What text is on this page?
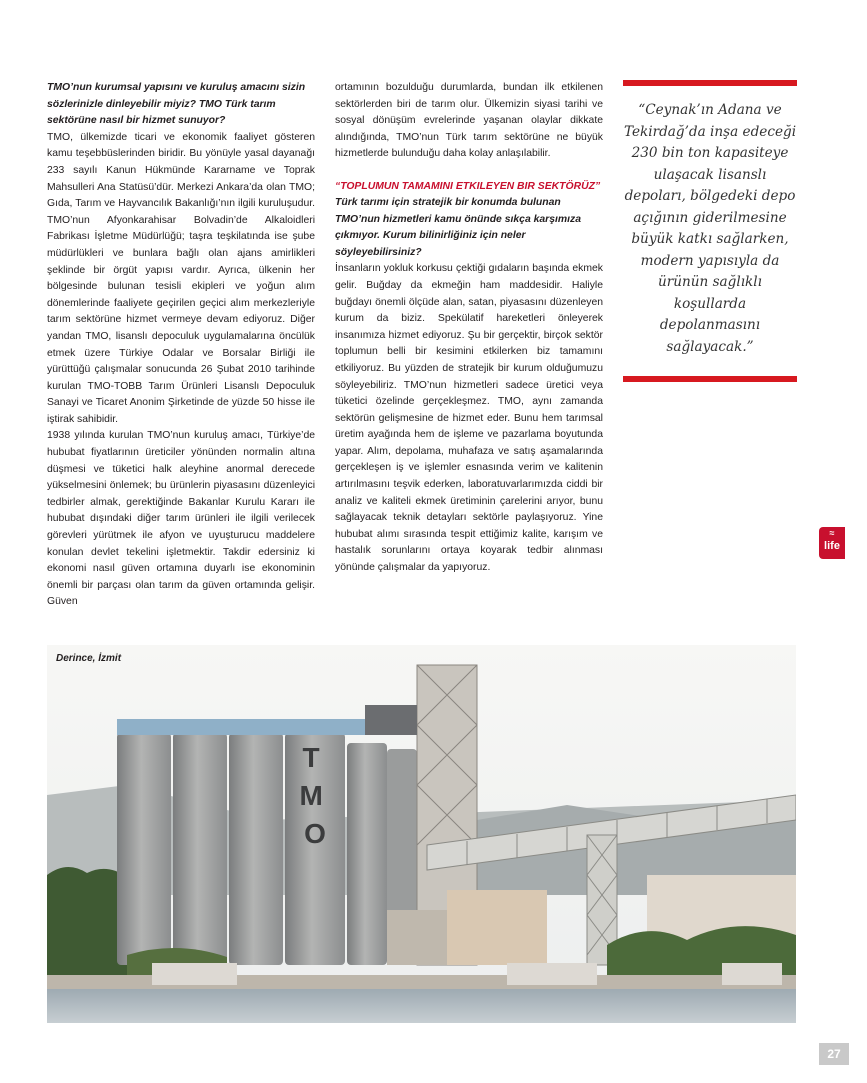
TMO’nun kurumsal yapısını ve kuruluş amacını sizin sözlerinizle dinleyebilir miyiz? TMO Türk tarım sektörüne nasıl bir hizmet sunuyor?

TMO, ülkemizde ticari ve ekonomik faaliyet gösteren kamu teşebbüslerinden biridir. Bu yönüyle yasal dayanağı 233 sayılı Kanun Hükmünde Kararname ve Toprak Mahsulleri Ana Statüsü’dür. Merkezi Ankara’da olan TMO; Gıda, Tarım ve Hayvancılık Bakanlığı’nın ilgili kuruluşudur. TMO’nun Afyonkarahisar Bolvadin’de Alkaloidleri Fabrikası İşletme Müdürlüğü; taşra teşkilatında ise şube müdürlükleri ve bunlara bağlı olan ajans amirlikleri şeklinde bir örgüt yapısı vardır. Ayrıca, ülkenin her bölgesinde bulunan tesisli ekipleri ve yoğun alım dönemlerinde faaliyete geçirilen geçici alım merkezleriyle tarım sektörüne hizmet vermeye devam ediyoruz. Diğer yandan TMO, lisanslı depoculuk uygulamalarına öncülük etmek üzere Türkiye Odalar ve Borsalar Birliği ile yürüttüğü çalışmalar sonucunda 26 Şubat 2010 tarihinde kurulan TMO-TOBB Tarım Ürünleri Lisanslı Depoculuk Sanayi ve Ticaret Anonim Şirketinde de yüzde 50 hisse ile iştirak sahibidir.

1938 yılında kurulan TMO’nun kuruluş amacı, Türkiye’de hububat fiyatlarının üreticiler yönünden normalin altına düşmesi ve tüketici halk aleyhine anormal derecede yükselmesini önlemek; bu ürünlerin piyasasını düzenleyici tedbirler almak, gerektiğinde Bakanlar Kurulu Kararı ile hububat dışındaki diğer tarım ürünleri ile ilgili verilecek görevleri yürütmek ile afyon ve uyuşturucu maddelere konulan devlet tekelini işletmektir. Takdir edersiniz ki ekonomi nasıl güven ortamına duyarlı ise ekonominin önemli bir parçası olan tarım da güven ortamında gelişir. Güven

ortamının bozulduğu durumlarda, bundan ilk etkilenen sektörlerden biri de tarım olur. Ülkemizin siyasi tarihi ve sosyal dönüşüm evrelerinde yaşanan olaylar dikkate alındığında, TMO’nun Türk tarım sektörüne ne büyük hizmetlerde bulunduğu daha kolay anlaşılabilir.

“TOPLUMUN TAMAMINI ETKILEYEN BIR SEKTÖRÜZ”

Türk tarımı için stratejik bir konumda bulunan TMO’nun hizmetleri kamu önünde sıkça karşımıza çıkmıyor. Kurum bilinirliğiniz için neler söyleyebilirsiniz?

İnsanların yokluk korkusu çektiği gıdaların başında ekmek gelir. Buğday da ekmeğin ham maddesidir. Haliyle buğdayı önemli ölçüde alan, satan, piyasasını düzenleyen kurum da biziz. Spekülatif hareketleri önleyerek insanımıza hizmet ediyoruz. Şu bir gerçektir, birçok sektör toplumun belli bir kesimini etkilerken biz tamamını etkiliyoruz. Bu yüzden de stratejik bir kurum olduğumuzu söyleyebiliriz. TMO’nun hizmetleri sadece üretici veya tüketici özelinde gerçekleşmez. TMO, aynı zamanda sektörün gelişmesine de hizmet eder. Bunu hem tarımsal üretim ayağında hem de işleme ve pazarlama boyutunda yapar. Alım, depolama, muhafaza ve satış aşamalarında gerçekleşen iş ve işlemler esnasında verim ve kalitenin artırılmasını teşvik ederken, laboratuvarlarımızda ciddi bir analiz ve kaliteli ekmek üretiminin çarelerini arıyor, bunu sağlayacak teknik detayları sektörle paylaşıyoruz. Yine hububat alımı sırasında tespit ettiğimiz kalite, karışım ve hastalık sorunlarını ortaya koyarak tedbir alınması yönünde çalışmalar da yapıyoruz.

“Ceynak’ın Adana ve Tekirdağ’da inşa edeceği 230 bin ton kapasiteye ulaşacak lisanslı depoları, bölgedeki depo açığının giderilmesine büyük katkı sağlarken, modern yapısıyla da ürünün sağlıklı koşullarda depolanmasını sağlayacak.”
≈
life
T M O
Derince, İzmit
27
